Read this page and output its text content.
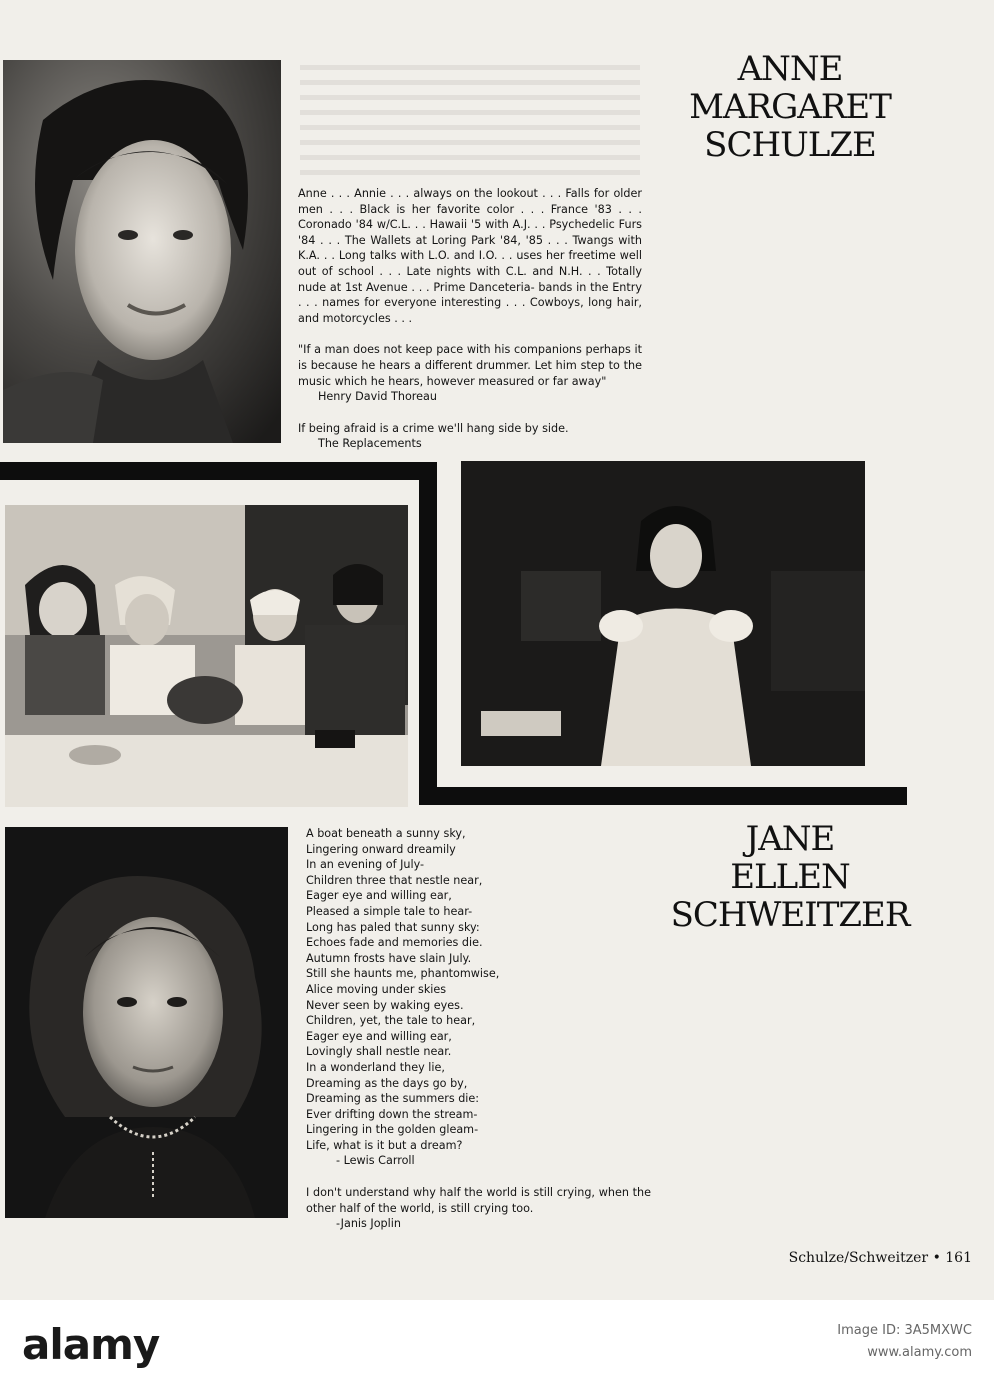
ANNE
MARGARET
SCHULZE

Anne . . . Annie . . . always on the lookout . . . Falls for older men . . . Black is her favorite color . . . France '83 . . . Coronado '84 w/C.L. . . Hawaii '5 with A.J. . . Psychedelic Furs '84 . . . The Wallets at Loring Park '84, '85 . . . Twangs with K.A. . . Long talks with L.O. and I.O. . . uses her freetime well out of school . . . Late nights with C.L. and N.H. . . Totally nude at 1st Avenue . . . Prime Danceteria- bands in the Entry . . . names for everyone interesting . . . Cowboys, long hair, and motorcycles . . .

"If a man does not keep pace with his companions perhaps it is because he hears a different drummer. Let him step to the music which he hears, however measured or far away"

Henry David Thoreau

If being afraid is a crime we'll hang side by side.

The Replacements

JANE
ELLEN
SCHWEITZER
A boat beneath a sunny sky,
Lingering onward dreamily
In an evening of July-
Children three that nestle near,
Eager eye and willing ear,
Pleased a simple tale to hear-
Long has paled that sunny sky:
Echoes fade and memories die.
Autumn frosts have slain July.
Still she haunts me, phantomwise,
Alice moving under skies
Never seen by waking eyes.
Children, yet, the tale to hear,
Eager eye and willing ear,
Lovingly shall nestle near.
In a wonderland they lie,
Dreaming as the days go by,
Dreaming as the summers die:
Ever drifting down the stream-
Lingering in the golden gleam-
Life, what is it but a dream?
- Lewis Carroll

I don't understand why half the world is still crying, when the other half of the world, is still crying too.

-Janis Joplin
Schulze/Schweitzer • 161
alamy	Image ID: 3A5MXWC
www.alamy.com
